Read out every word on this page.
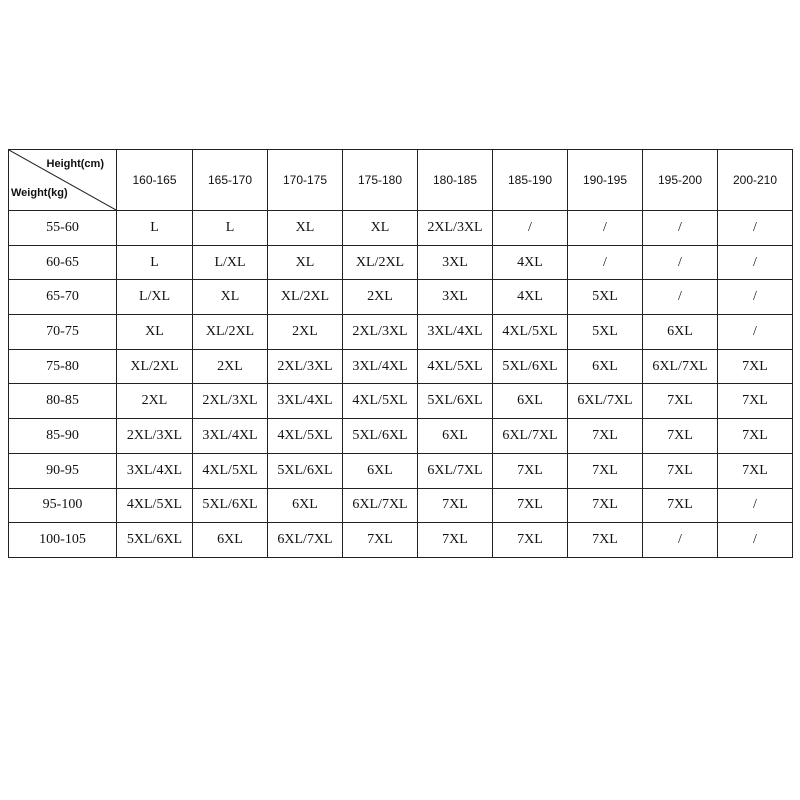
Height(cm)
Weight(kg)	160-165	165-170	170-175	175-180	180-185	185-190	190-195	195-200	200-210
55-60	L	L	XL	XL	2XL/3XL	/	/	/	/
60-65	L	L/XL	XL	XL/2XL	3XL	4XL	/	/	/
65-70	L/XL	XL	XL/2XL	2XL	3XL	4XL	5XL	/	/
70-75	XL	XL/2XL	2XL	2XL/3XL	3XL/4XL	4XL/5XL	5XL	6XL	/
75-80	XL/2XL	2XL	2XL/3XL	3XL/4XL	4XL/5XL	5XL/6XL	6XL	6XL/7XL	7XL
80-85	2XL	2XL/3XL	3XL/4XL	4XL/5XL	5XL/6XL	6XL	6XL/7XL	7XL	7XL
85-90	2XL/3XL	3XL/4XL	4XL/5XL	5XL/6XL	6XL	6XL/7XL	7XL	7XL	7XL
90-95	3XL/4XL	4XL/5XL	5XL/6XL	6XL	6XL/7XL	7XL	7XL	7XL	7XL
95-100	4XL/5XL	5XL/6XL	6XL	6XL/7XL	7XL	7XL	7XL	7XL	/
100-105	5XL/6XL	6XL	6XL/7XL	7XL	7XL	7XL	7XL	/	/
